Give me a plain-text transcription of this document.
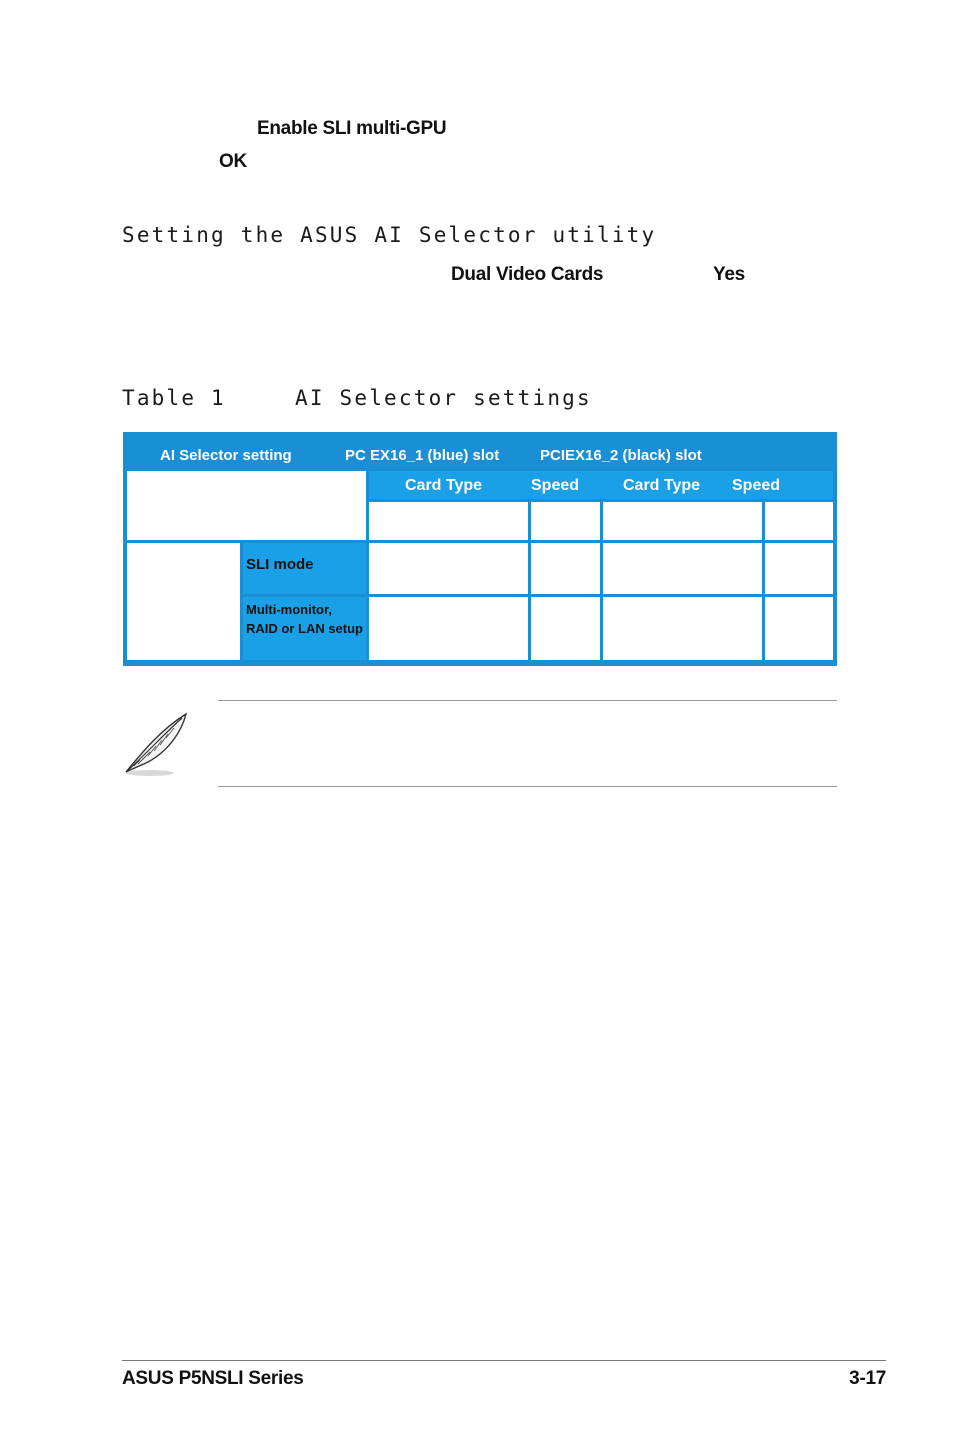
Enable SLI multi-GPU
OK
Setting the ASUS AI Selector utility
Dual Video Cards	Yes
Table 1	AI Selector settings
AI Selector setting	PC EX16_1 (blue) slot	PCIEX16_2 (black) slot
Card Type	Speed	Card Type Speed
SLI mode
Multi-monitor, RAID or LAN setup
ASUS P5NSLI Series	3-17
